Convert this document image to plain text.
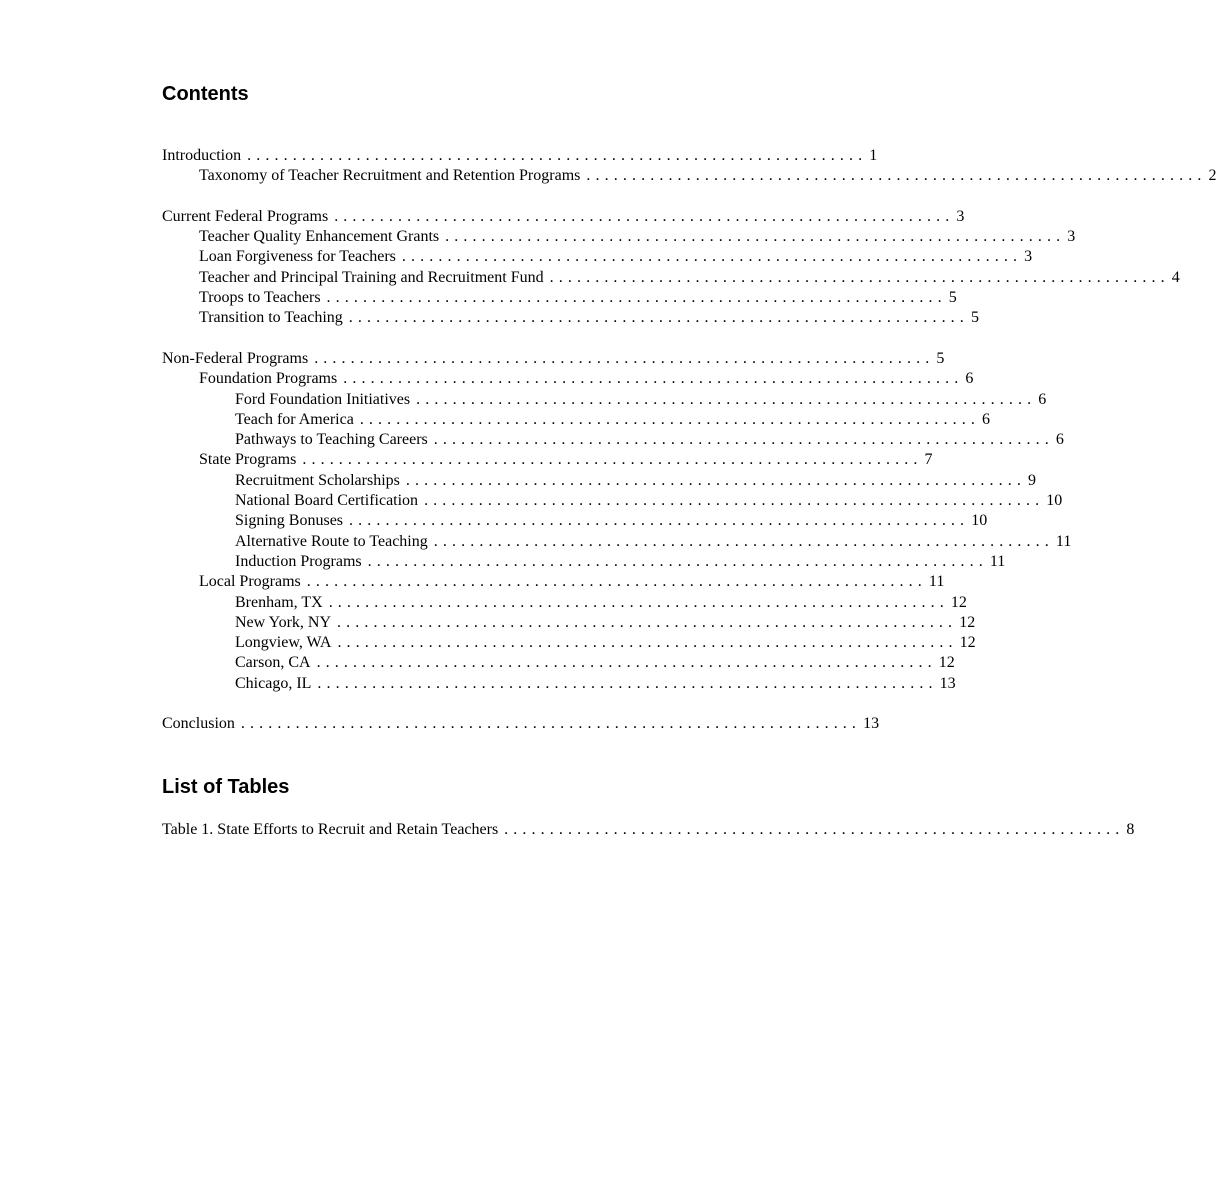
Contents
Introduction .................................................................... 1
Taxonomy of Teacher Recruitment and Retention Programs .................................................................... 2
Current Federal Programs .................................................................... 3
Teacher Quality Enhancement Grants .................................................................... 3
Loan Forgiveness for Teachers .................................................................... 3
Teacher and Principal Training and Recruitment Fund .................................................................... 4
Troops to Teachers .................................................................... 5
Transition to Teaching .................................................................... 5
Non-Federal Programs .................................................................... 5
Foundation Programs .................................................................... 6
Ford Foundation Initiatives .................................................................... 6
Teach for America .................................................................... 6
Pathways to Teaching Careers .................................................................... 6
State Programs .................................................................... 7
Recruitment Scholarships .................................................................... 9
National Board Certification .................................................................... 10
Signing Bonuses .................................................................... 10
Alternative Route to Teaching .................................................................... 11
Induction Programs .................................................................... 11
Local Programs .................................................................... 11
Brenham, TX .................................................................... 12
New York, NY .................................................................... 12
Longview, WA .................................................................... 12
Carson, CA .................................................................... 12
Chicago, IL .................................................................... 13
Conclusion .................................................................... 13
List of Tables
Table 1. State Efforts to Recruit and Retain Teachers .................................................................... 8
